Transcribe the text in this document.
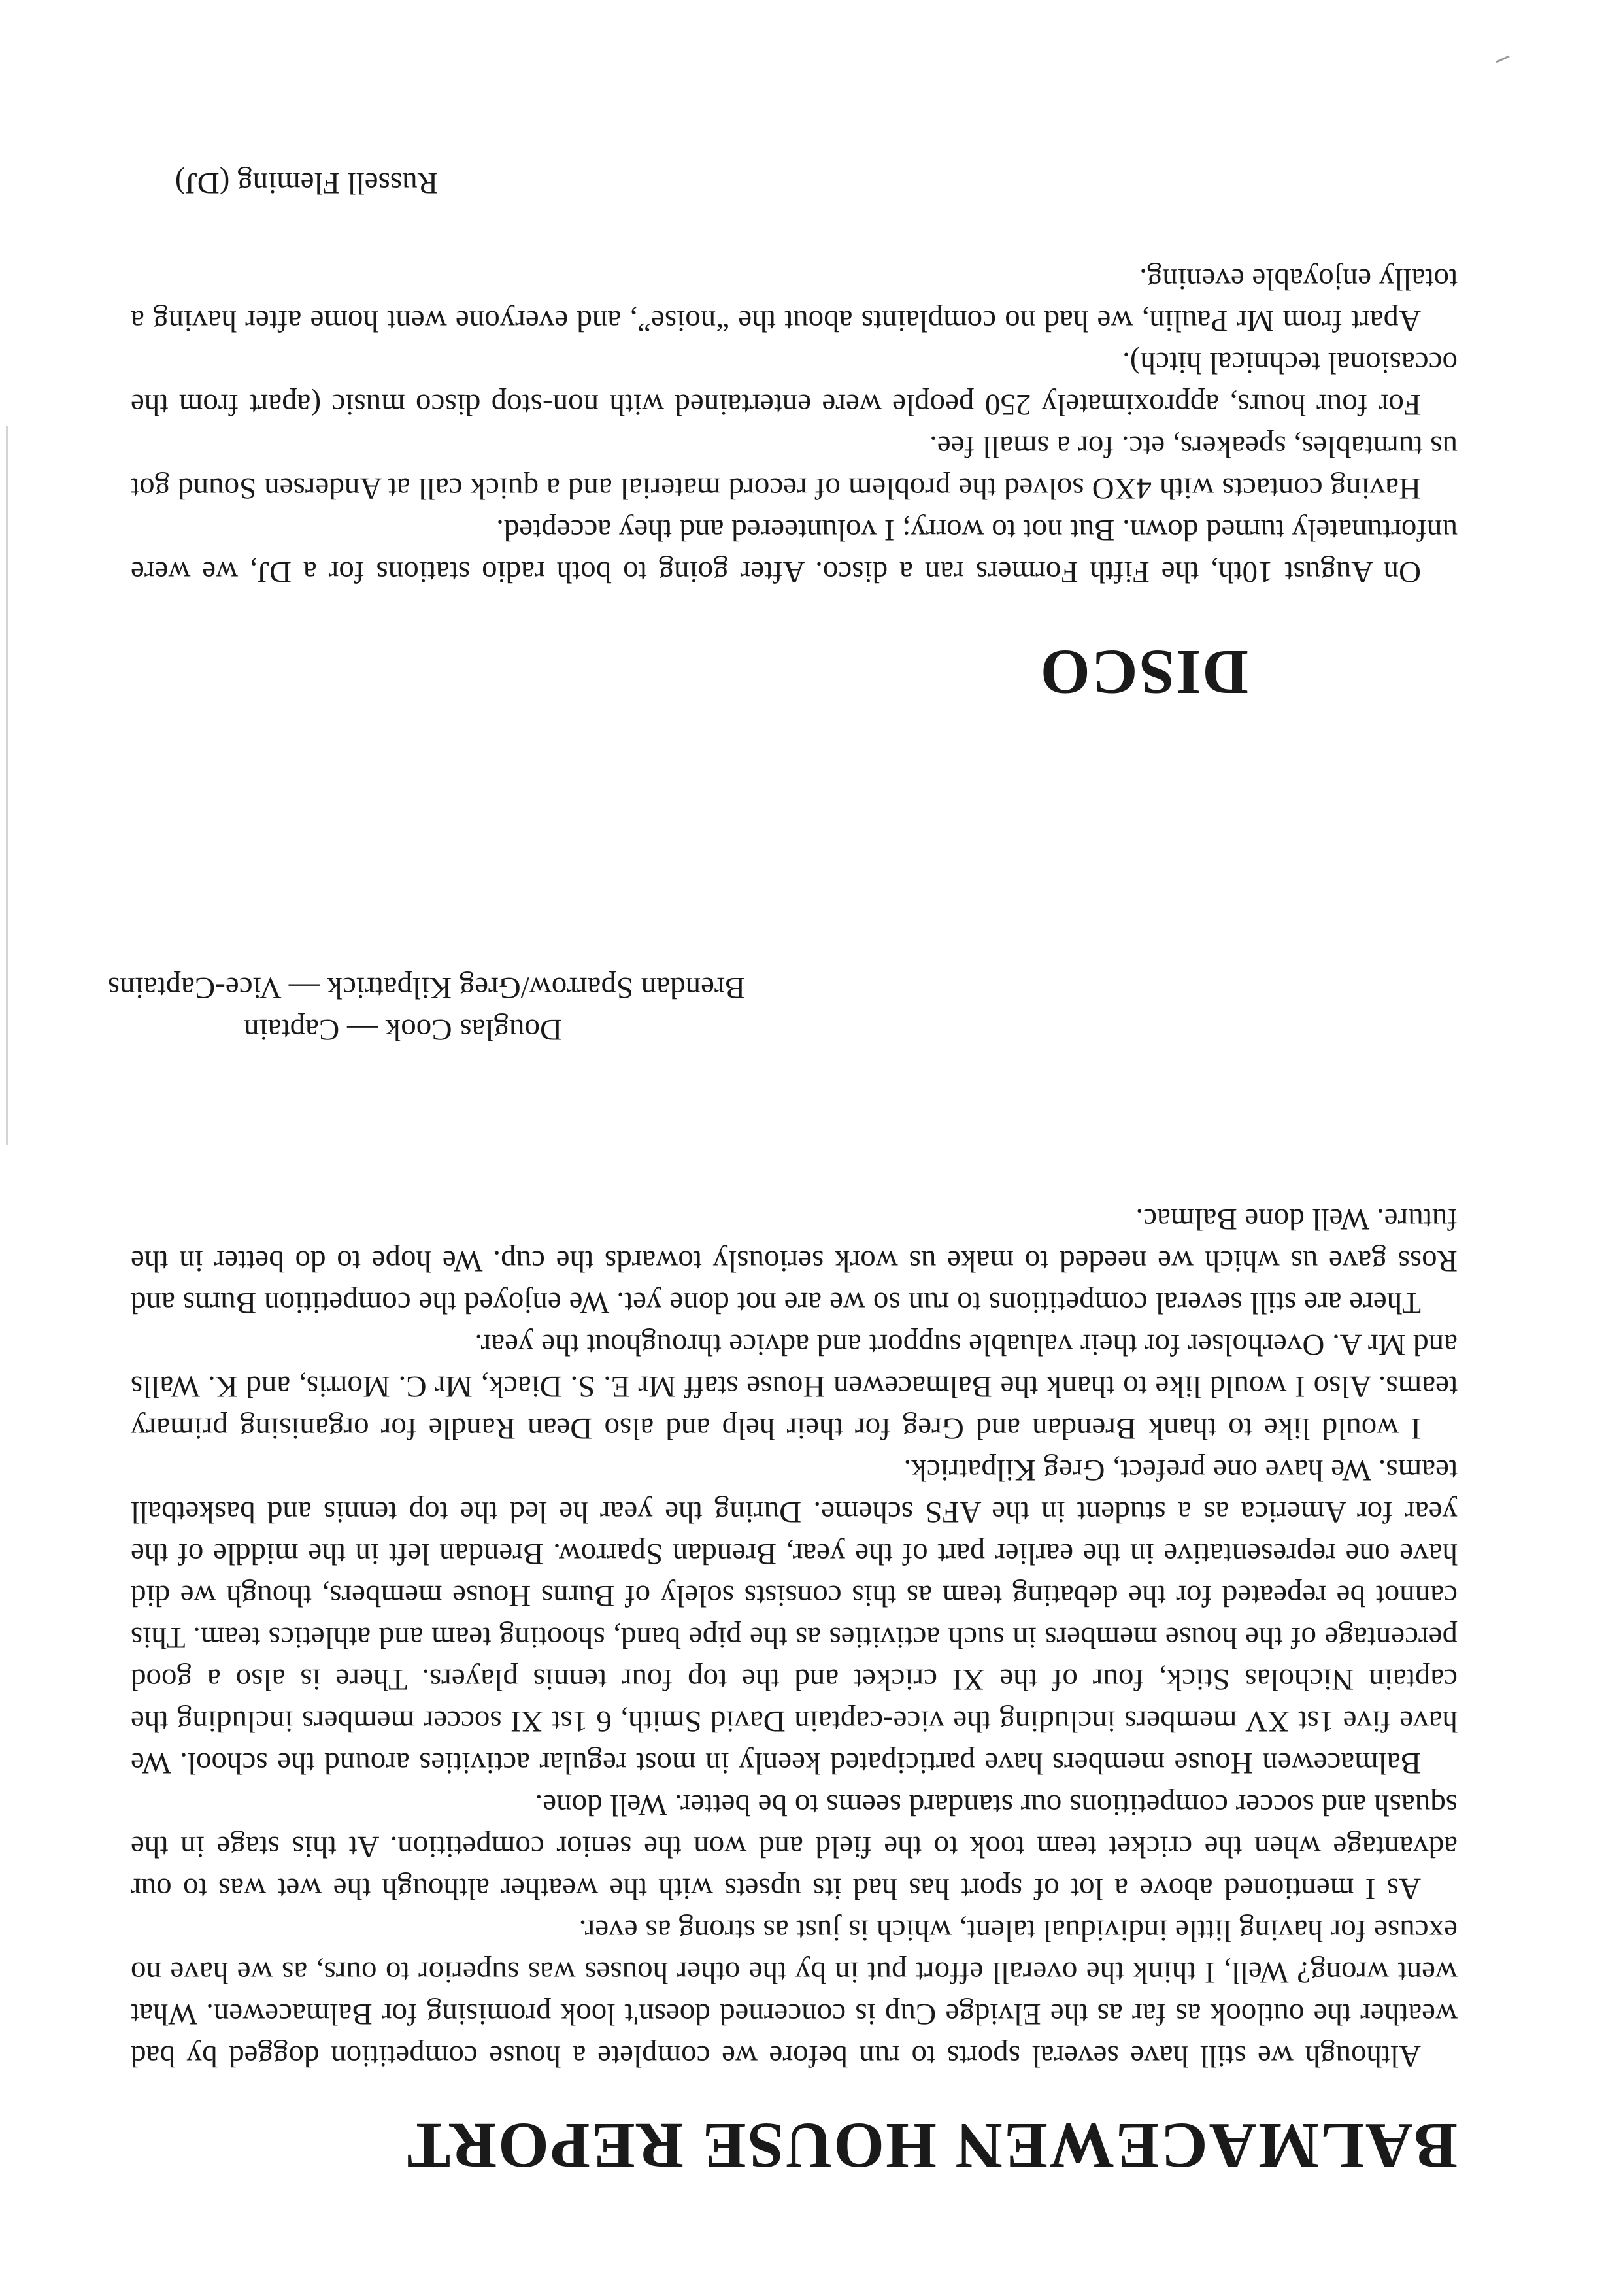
BALMACEWEN HOUSE REPORT

Although we still have several sports to run before we complete a house competition dogged by bad weather the outlook as far as the Elvidge Cup is concerned doesn't look promising for Balmacewen. What went wrong? Well, I think the overall effort put in by the other houses was superior to ours, as we have no excuse for having little individual talent, which is just as strong as ever.

As I mentioned above a lot of sport has had its upsets with the weather although the wet was to our advantage when the cricket team took to the field and won the senior competition. At this stage in the squash and soccer competitions our standard seems to be better. Well done.

Balmacewen House members have participated keenly in most regular activities around the school. We have five 1st XV members including the vice-captain David Smith, 6 1st XI soccer members including the captain Nicholas Stick, four of the XI cricket and the top four tennis players. There is also a good percentage of the house members in such activities as the pipe band, shooting team and athletics team. This cannot be repeated for the debating team as this consists solely of Burns House members, though we did have one representative in the earlier part of the year, Brendan Sparrow. Brendan left in the middle of the year for America as a student in the AFS scheme. During the year he led the top tennis and basketball teams. We have one prefect, Greg Kilpatrick.

I would like to thank Brendan and Greg for their help and also Dean Randle for organising primary teams. Also I would like to thank the Balmacewen House staff Mr E. S. Diack, Mr C. Morris, and K. Walls and Mr A. Overholser for their valuable support and advice throughout the year.

There are still several competitions to run so we are not done yet. We enjoyed the competition Burns and Ross gave us which we needed to make us work seriously towards the cup. We hope to do better in the future. Well done Balmac.

Douglas Cook — Captain
Brendan Sparrow/Greg Kilpatrick — Vice-Captains
DISCO

On August 10th, the Fifth Formers ran a disco. After going to both radio stations for a DJ, we were unfortunately turned down. But not to worry; I volunteered and they accepted.

Having contacts with 4XO solved the problem of record material and a quick call at Andersen Sound got us turntables, speakers, etc. for a small fee.

For four hours, approximately 250 people were entertained with non-stop disco music (apart from the occasional technical hitch).

Apart from Mr Paulin, we had no complaints about the “noise”, and everyone went home after having a totally enjoyable evening.

Russell Fleming (DJ)
